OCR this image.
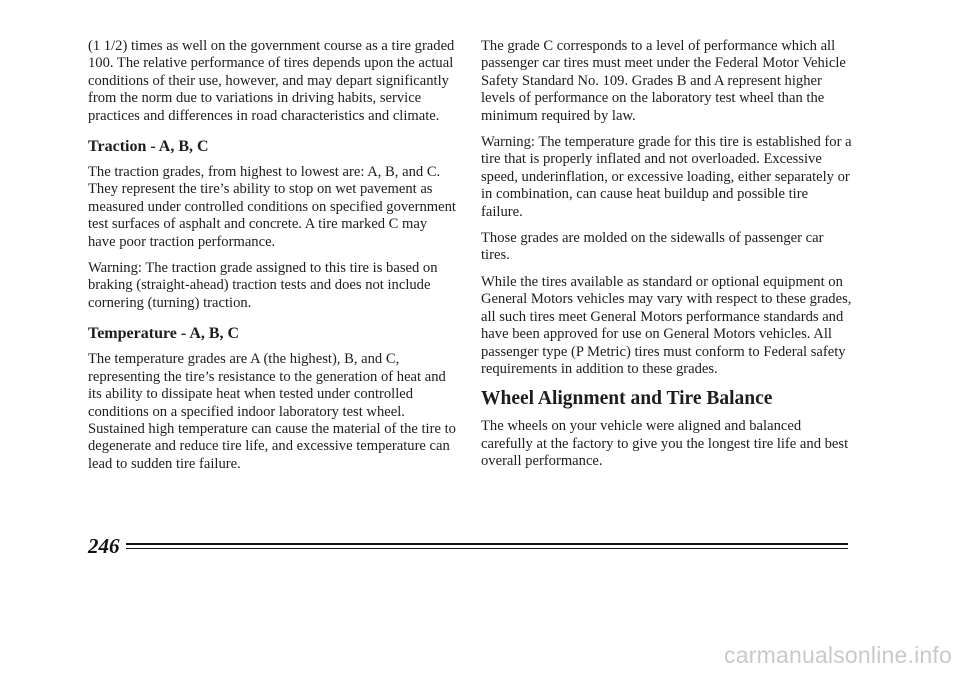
(1 1/2) times as well on the government course as a tire graded 100. The relative performance of tires depends upon the actual conditions of their use, however, and may depart significantly from the norm due to variations in driving habits, service practices and differences in road characteristics and climate.

Traction - A, B, C

The traction grades, from highest to lowest are: A, B, and C. They represent the tire’s ability to stop on wet pavement as measured under controlled conditions on specified government test surfaces of asphalt and concrete. A tire marked C may have poor traction performance.

Warning: The traction grade assigned to this tire is based on braking (straight-ahead) traction tests and does not include cornering (turning) traction.

Temperature - A, B, C

The temperature grades are A (the highest), B, and C, representing the tire’s resistance to the generation of heat and its ability to dissipate heat when tested under controlled conditions on a specified indoor laboratory test wheel. Sustained high temperature can cause the material of the tire to degenerate and reduce tire life, and excessive temperature can lead to sudden tire failure.

The grade C corresponds to a level of performance which all passenger car tires must meet under the Federal Motor Vehicle Safety Standard No. 109. Grades B and A represent higher levels of performance on the laboratory test wheel than the minimum required by law.

Warning: The temperature grade for this tire is established for a tire that is properly inflated and not overloaded. Excessive speed, underinflation, or excessive loading, either separately or in combination, can cause heat buildup and possible tire failure.

Those grades are molded on the sidewalls of passenger car tires.

While the tires available as standard or optional equipment on General Motors vehicles may vary with respect to these grades, all such tires meet General Motors performance standards and have been approved for use on General Motors vehicles. All passenger type (P Metric) tires must conform to Federal safety requirements in addition to these grades.

Wheel Alignment and Tire Balance

The wheels on your vehicle were aligned and balanced carefully at the factory to give you the longest tire life and best overall performance.

246
carmanualsonline.info
